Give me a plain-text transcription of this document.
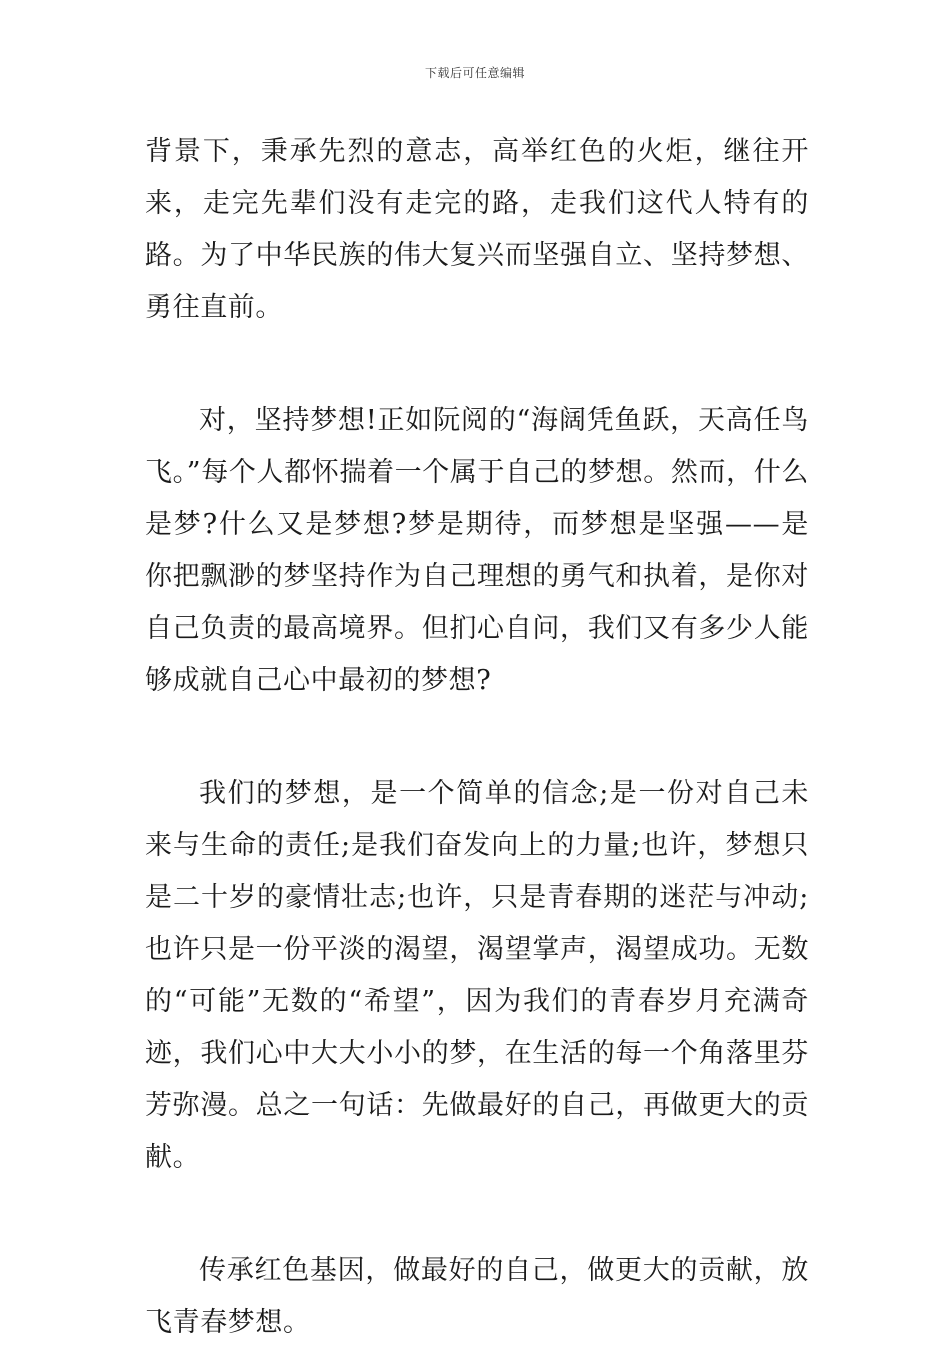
下载后可任意编辑

背景下，秉承先烈的意志，高举红色的火炬，继往开来，走完先辈们没有走完的路，走我们这代人特有的路。为了中华民族的伟大复兴而坚强自立、坚持梦想、勇往直前。

对，坚持梦想!正如阮阅的“海阔凭鱼跃，天高任鸟飞。”每个人都怀揣着一个属于自己的梦想。然而，什么是梦?什么又是梦想?梦是期待，而梦想是坚强——是你把飘渺的梦坚持作为自己理想的勇气和执着，是你对自己负责的最高境界。但扪心自问，我们又有多少人能够成就自己心中最初的梦想?

我们的梦想，是一个简单的信念;是一份对自己未来与生命的责任;是我们奋发向上的力量;也许，梦想只是二十岁的豪情壮志;也许，只是青春期的迷茫与冲动;也许只是一份平淡的渴望，渴望掌声，渴望成功。无数的“可能”无数的“希望”，因为我们的青春岁月充满奇迹，我们心中大大小小的梦，在生活的每一个角落里芬芳弥漫。总之一句话：先做最好的自己，再做更大的贡献。

传承红色基因，做最好的自己，做更大的贡献，放飞青春梦想。
